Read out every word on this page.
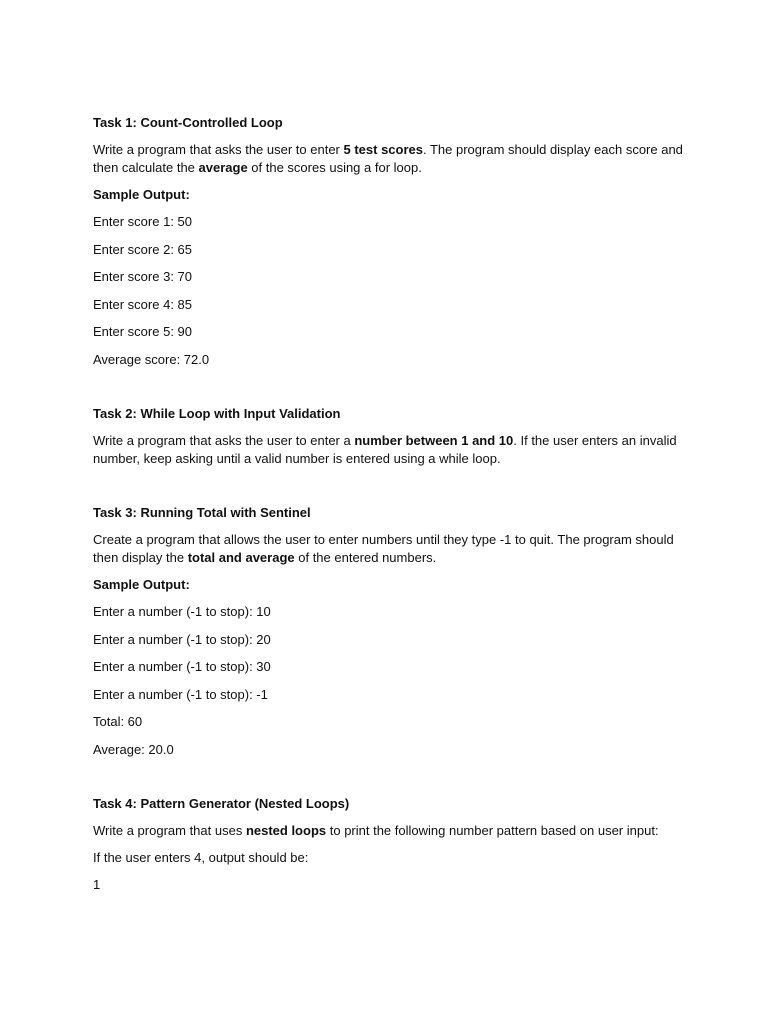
Task 1: Count-Controlled Loop
Write a program that asks the user to enter 5 test scores. The program should display each score and then calculate the average of the scores using a for loop.
Sample Output:
Enter score 1: 50
Enter score 2: 65
Enter score 3: 70
Enter score 4: 85
Enter score 5: 90
Average score: 72.0
Task 2: While Loop with Input Validation
Write a program that asks the user to enter a number between 1 and 10. If the user enters an invalid number, keep asking until a valid number is entered using a while loop.
Task 3: Running Total with Sentinel
Create a program that allows the user to enter numbers until they type -1 to quit. The program should then display the total and average of the entered numbers.
Sample Output:
Enter a number (-1 to stop): 10
Enter a number (-1 to stop): 20
Enter a number (-1 to stop): 30
Enter a number (-1 to stop): -1
Total: 60
Average: 20.0
Task 4: Pattern Generator (Nested Loops)
Write a program that uses nested loops to print the following number pattern based on user input:
If the user enters 4, output should be:
1
